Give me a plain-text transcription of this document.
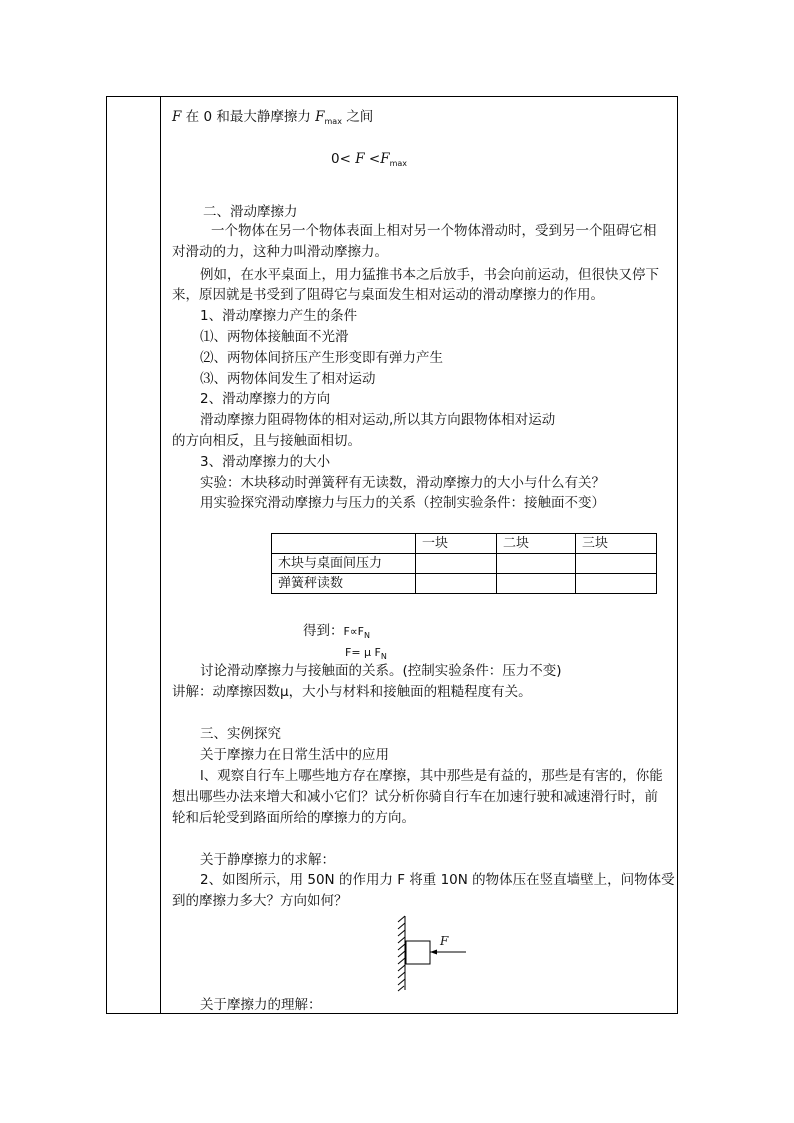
F 在 0 和最大静摩擦力 $F_{max}$ 之间
$0< F <F_{max}$
二、滑动摩擦力
一个物体在另一个物体表面上相对另一个物体滑动时，受到另一个阻碍它相
对滑动的力，这种力叫滑动摩擦力。
例如，在水平桌面上，用力猛推书本之后放手，书会向前运动，但很快又停下
来，原因就是书受到了阻碍它与桌面发生相对运动的滑动摩擦力的作用。
1、滑动摩擦力产生的条件
⑴、两物体接触面不光滑
⑵、两物体间挤压产生形变即有弹力产生
⑶、两物体间发生了相对运动
2、滑动摩擦力的方向
滑动摩擦力阻碍物体的相对运动,所以其方向跟物体相对运动
的方向相反，且与接触面相切。
3、滑动摩擦力的大小
实验：木块移动时弹簧秤有无读数，滑动摩擦力的大小与什么有关？
用实验探究滑动摩擦力与压力的关系（控制实验条件：接触面不变）
	一块	二块	三块
木块与桌面间压力			
弹簧秤读数			
得到：$F\propto F_N$
F= μ $F_N$
讨论滑动摩擦力与接触面的关系。(控制实验条件：压力不变)
讲解：动摩擦因数μ，大小与材料和接触面的粗糙程度有关。
三、实例探究
关于摩擦力在日常生活中的应用
l、观察自行车上哪些地方存在摩擦，其中那些是有益的，那些是有害的，你能
想出哪些办法来增大和减小它们？试分析你骑自行车在加速行驶和减速滑行时，前
轮和后轮受到路面所给的摩擦力的方向。
关于静摩擦力的求解：
2、如图所示，用 50N 的作用力 F 将重 10N 的物体压在竖直墙壁上，问物体受
到的摩擦力多大？方向如何？
F
关于摩擦力的理解：
